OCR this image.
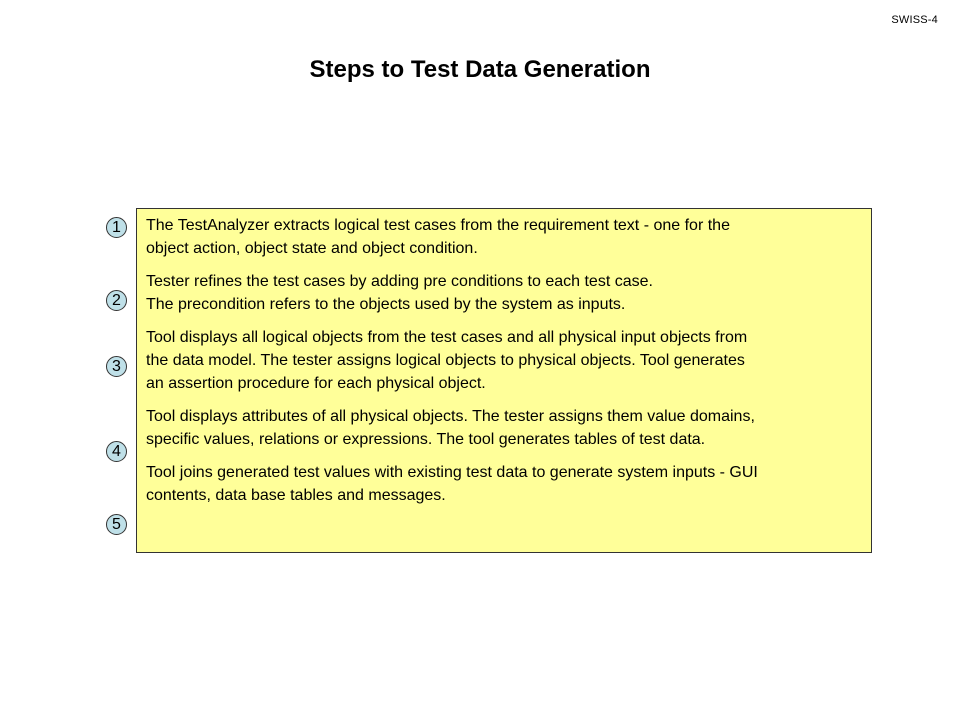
SWISS-4
Steps to Test Data Generation
1
2
3
4
5

The TestAnalyzer extracts logical test cases from the requirement text - one for the
object action, object state and object condition.

Tester refines the test cases by adding pre conditions to each test case.
The precondition refers to the objects used by the system as inputs.

Tool displays all logical objects from the test cases and all physical input objects from
the data model. The tester assigns logical objects to physical objects. Tool generates
an assertion procedure for each physical object.

Tool displays attributes of all physical objects. The tester assigns them value domains,
specific values, relations or expressions. The tool generates tables of test data.

Tool joins generated test values with existing test data to generate system inputs - GUI
contents, data base tables and messages.
